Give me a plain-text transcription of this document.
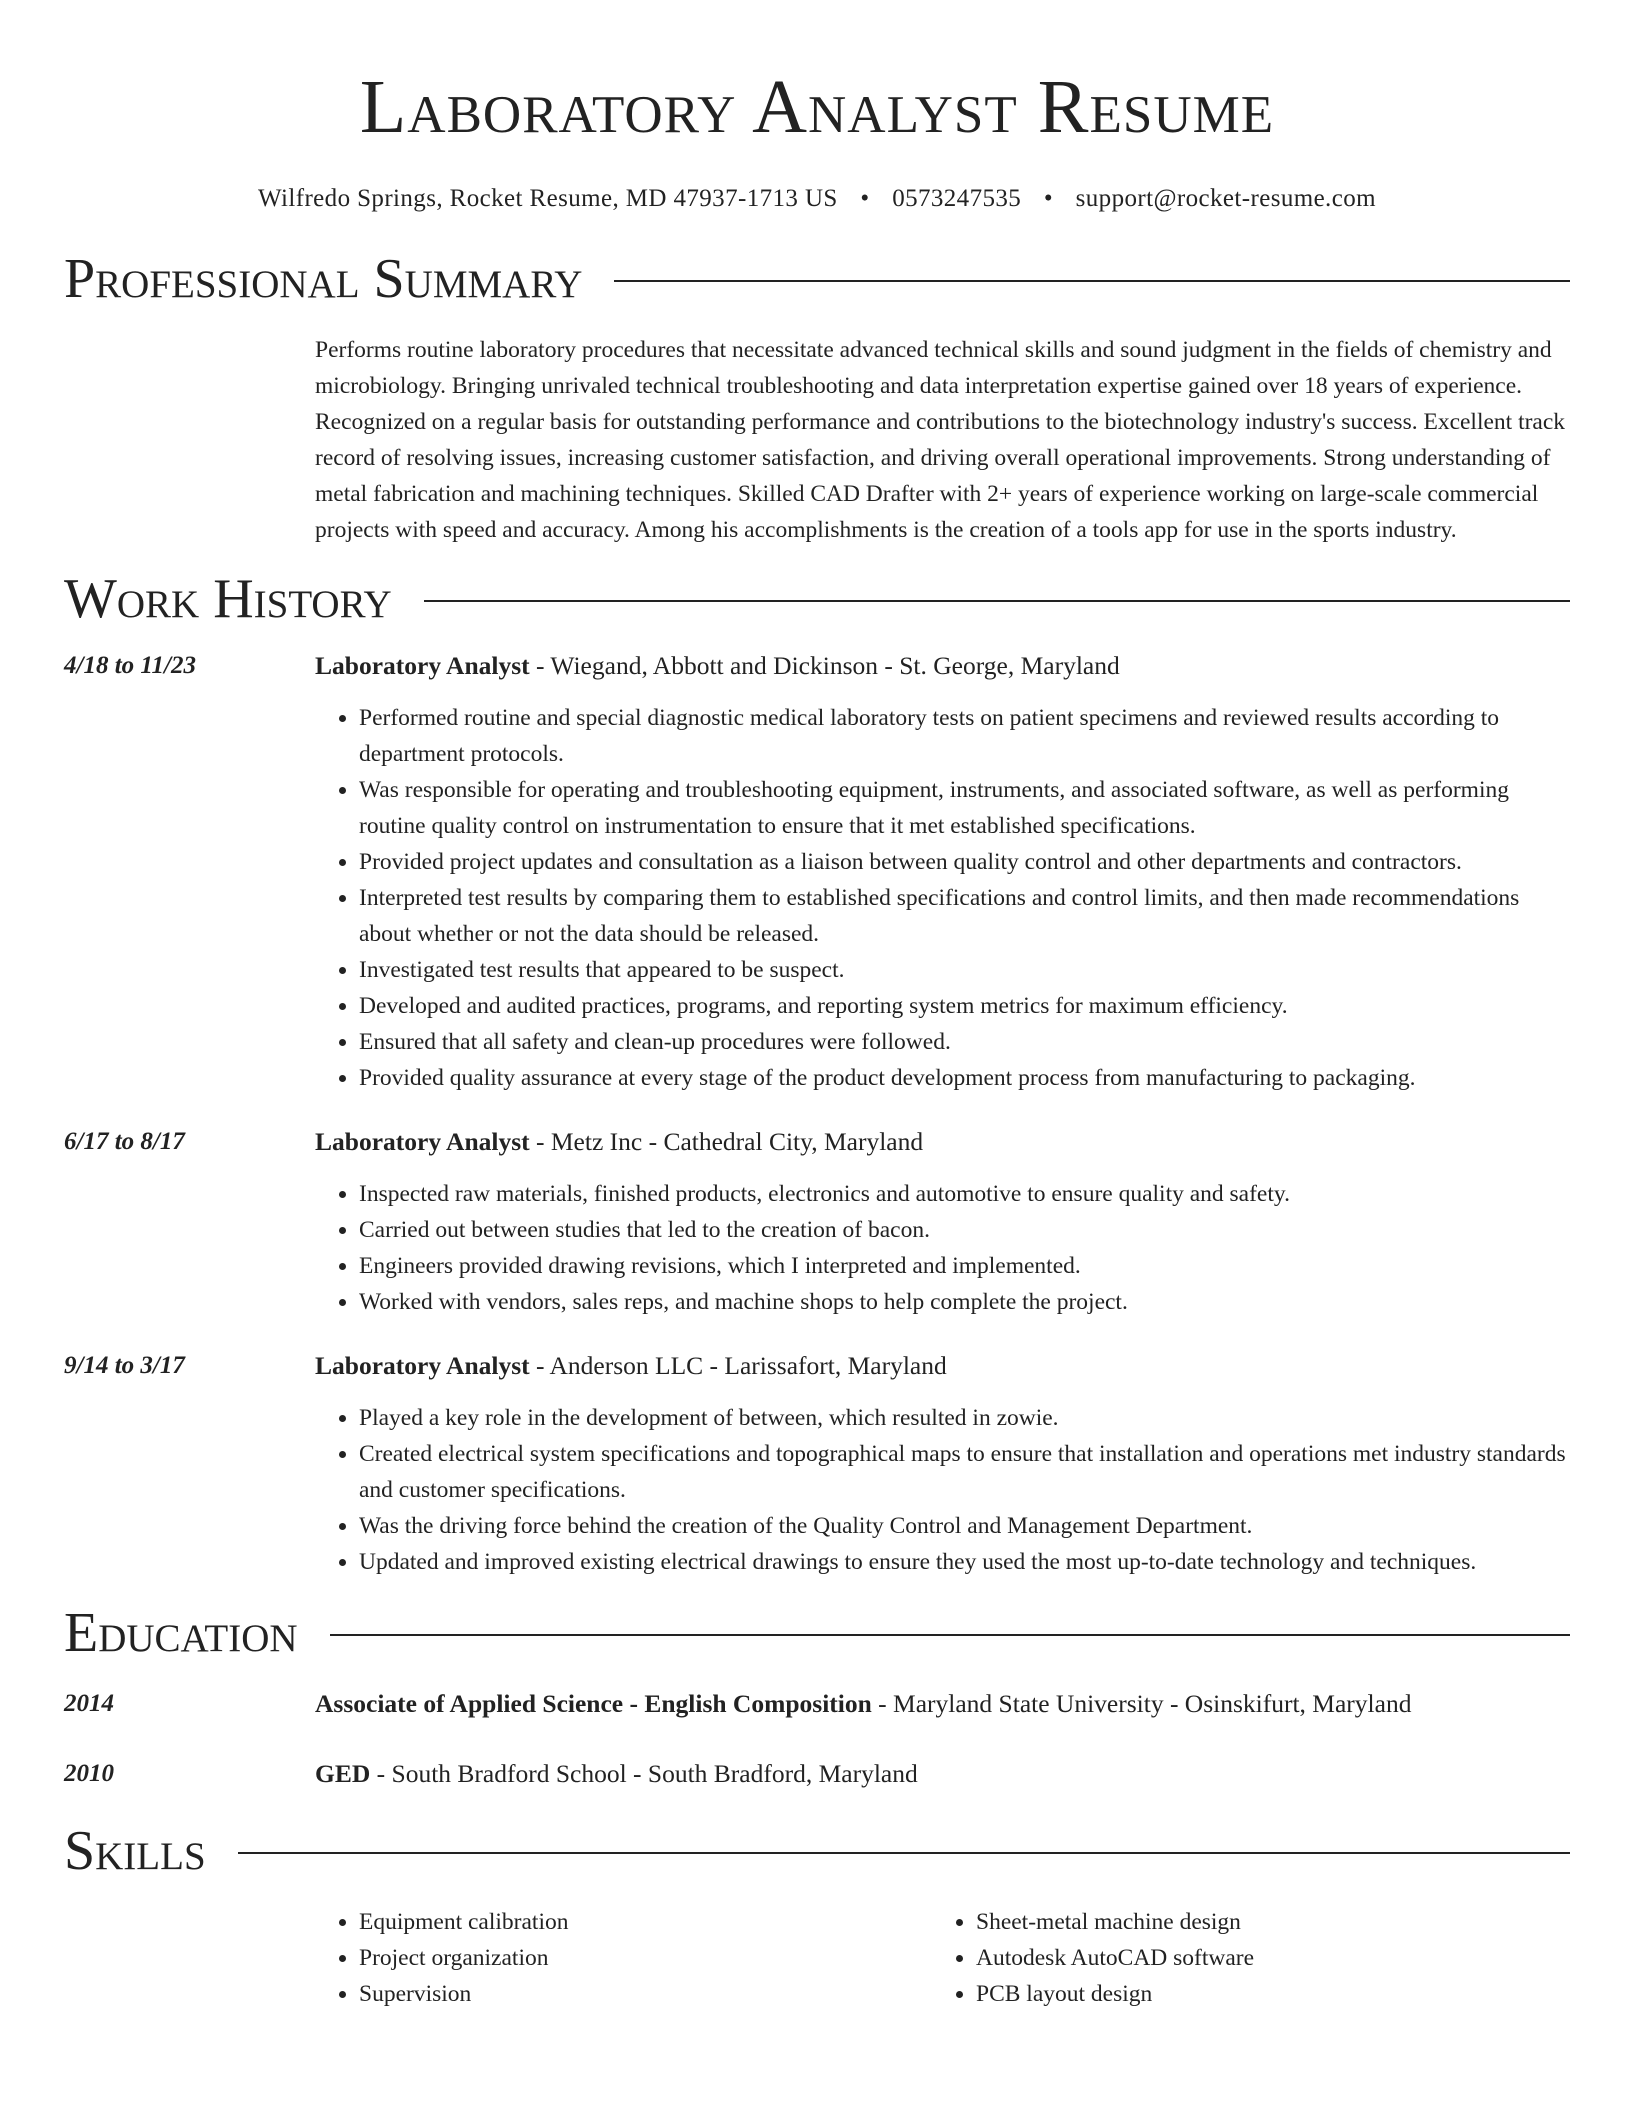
Laboratory Analyst Resume
Wilfredo Springs, Rocket Resume, MD 47937-1713 US • 0573247535 • support@rocket-resume.com
Professional Summary

Performs routine laboratory procedures that necessitate advanced technical skills and sound judgment in the fields of chemistry and microbiology. Bringing unrivaled technical troubleshooting and data interpretation expertise gained over 18 years of experience. Recognized on a regular basis for outstanding performance and contributions to the biotechnology industry's success. Excellent track record of resolving issues, increasing customer satisfaction, and driving overall operational improvements. Strong understanding of metal fabrication and machining techniques. Skilled CAD Drafter with 2+ years of experience working on large-scale commercial projects with speed and accuracy. Among his accomplishments is the creation of a tools app for use in the sports industry.

Work History
4/18 to 11/23	Laboratory Analyst - Wiegand, Abbott and Dickinson - St. George, Maryland
• Performed routine and special diagnostic medical laboratory tests on patient specimens and reviewed results according to department protocols.
• Was responsible for operating and troubleshooting equipment, instruments, and associated software, as well as performing routine quality control on instrumentation to ensure that it met established specifications.
• Provided project updates and consultation as a liaison between quality control and other departments and contractors.
• Interpreted test results by comparing them to established specifications and control limits, and then made recommendations about whether or not the data should be released.
• Investigated test results that appeared to be suspect.
• Developed and audited practices, programs, and reporting system metrics for maximum efficiency.
• Ensured that all safety and clean-up procedures were followed.
• Provided quality assurance at every stage of the product development process from manufacturing to packaging.
6/17 to 8/17	Laboratory Analyst - Metz Inc - Cathedral City, Maryland
• Inspected raw materials, finished products, electronics and automotive to ensure quality and safety.
• Carried out between studies that led to the creation of bacon.
• Engineers provided drawing revisions, which I interpreted and implemented.
• Worked with vendors, sales reps, and machine shops to help complete the project.
9/14 to 3/17	Laboratory Analyst - Anderson LLC - Larissafort, Maryland
• Played a key role in the development of between, which resulted in zowie.
• Created electrical system specifications and topographical maps to ensure that installation and operations met industry standards and customer specifications.
• Was the driving force behind the creation of the Quality Control and Management Department.
• Updated and improved existing electrical drawings to ensure they used the most up-to-date technology and techniques.
Education
2014	Associate of Applied Science - English Composition - Maryland State University - Osinskifurt, Maryland
2010	GED - South Bradford School - South Bradford, Maryland
Skills
• Equipment calibration
• Project organization
• Supervision
• Sheet-metal machine design
• Autodesk AutoCAD software
• PCB layout design
